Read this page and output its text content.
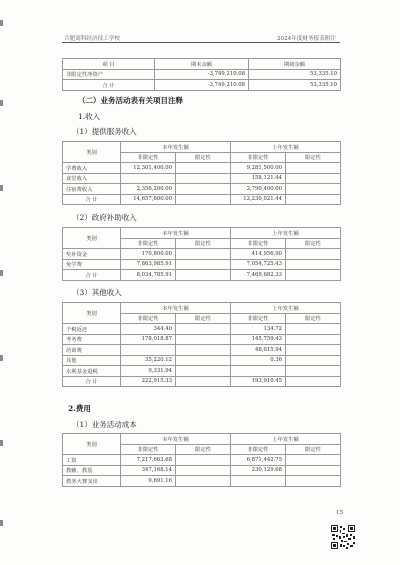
合肥商科经济技工学校	2024年度财务报表附注
项 目	期末余额	期初余额
非限定性净资产	-3,749,210.08	53,335.10
合 计	-3,749,210.08	53,335.10
（二）业务活动表有关项目注释
1.收入
（1）提供服务收入
类别	本年发生额		上年发生额	
	非限定性	限定性	非限定性	限定性
学费收入	12,301,400.00		9,281,500.00	
食堂收入			158,121.44	
住宿费收入	2,356,200.00		2,790,400.00	
合 计	14,657,600.00		12,230,021.44	
（2）政府补助收入
类别	本年发生额		上年发生额	
	非限定性	限定性	非限定性	限定性
奖补资金	170,800.00		414,956.90	
免学费	7,863,985.91		7,054,725.43	
合 计	8,034,785.91		7,469,682.33	
（3）其他收入
类别	本年发生额		上年发生额	
	非限定性	限定性	非限定性	限定性
个税返还	344.40		134.72	
考务费	178,018.87		145,759.43	
培训费			48,015.94	
其他	35,220.12		0.36	
水利基金退税	9,331.94			
合 计	222,915.33		193,910.45	
2.费用
（1）业务活动成本
类别	本年发生额		上年发生额	
	非限定性	限定性	非限定性	限定性
工资	7,217,663.68		6,871,442.75	
教辅、教基	347,168.14		230,129.68	
教务大赛支出	9,691.16			
15
